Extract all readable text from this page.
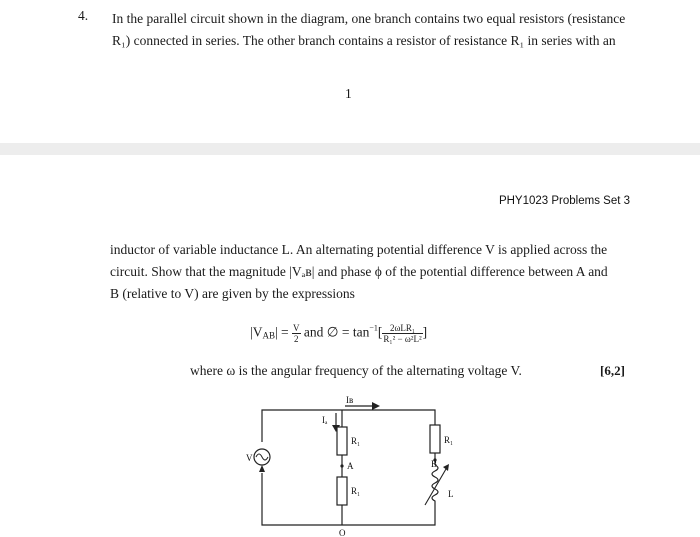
4. In the parallel circuit shown in the diagram, one branch contains two equal resistors (resistance
R₁) connected in series. The other branch contains a resistor of resistance R₁ in series with an
1
PHY1023 Problems Set 3
inductor of variable inductance L. An alternating potential difference V is applied across the
circuit. Show that the magnitude |Vₐʙ| and phase ϕ of the potential difference between A and
B (relative to V) are given by the expressions
$|V_{AB}| = \frac{V}{2}$ and ∅ = $\tan^{-1}[ \frac{\text{2ωLR₁}}{\text{R₁² − ω²L²}}$ ]
where ω is the angular frequency of the alternating voltage V.	[6,2]
V
Iʙ
Iₐ
R₁
A
R₁
R₁
B
L
O
